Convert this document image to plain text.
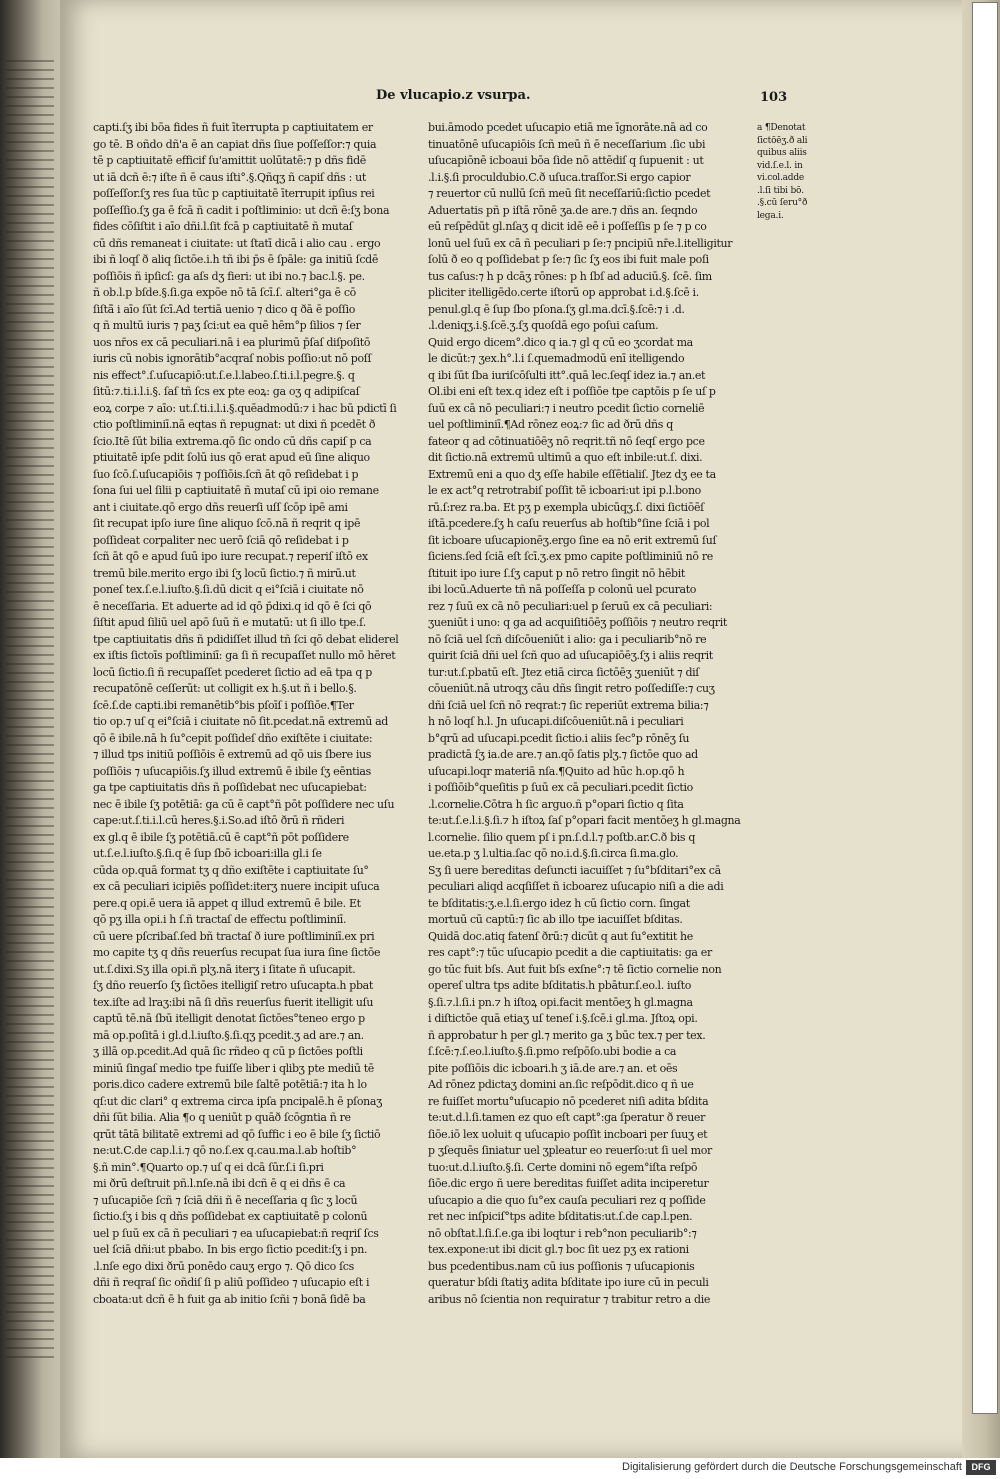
De vlucapio.z vsurpa.	103
capti.ſʒ ibi bōa fides ñ fuit īterrupta p captiuitatem er
go tē. B oñdo dñ'a ē an capiat dñs ſiue poſſeſſor:⁊ quia
tē p captiuitatē efficif ſu'amittit uolūtatē:⁊ p dñs fidē
ut iā dcñ ē:⁊ iſte ñ ē caus iſti°.§.Qñqʒ ñ capiſ dñs : ut
poſſeſſor.ſʒ res ſua tūc p captiuitatē īterrupit ipſius rei
poſſeſſio.ſʒ ga ē fcā ñ cadit i poſtliminio: ut dcñ ē:ſʒ bona
fides cōſiſtit i aīo dñi.l.ſit fcā p captiuitatē ñ mutaſ
cū dñs remaneat i ciuitate: ut ſtatī dicā i alio cau . ergo
ibi ñ loqſ ð aliq ſictōe.i.h tñ ibi p̄s ē ſpāle: ga initiū ſcdē
poſſiōis ñ ipſicſ: ga aſs dʒ fieri: ut ibi no.⁊ bac.l.§. pe.
ñ ob.l.p bſde.§.ſi.ga expōe nō tā ſcī.ſ. alteri°ga ē cō
ſiſtā̄ i aīo ſūt ſcī.Ad tertiā uenio ⁊ dico q ðā ē poſſio
q ñ multū iuris ⁊ paʒ ſci:ut ea quē hēm°p ſilios ⁊ ſer
uos nr̄os ex cā peculiari.nā i ea plurimū p̄ſaſ diſpoſitō
iuris cū nobis ignorātib°acqraſ nobis poſſio:ut nō poſſ
nis effect°.ſ.uſucapiō:ut.ſ.e.l.labeo.ſ.ti.i.l.pegre.§. q
ſitū:⁊.ti.i.l.i.§. ſaſ tñ ſcs ex pte eoꝝ: ga oʒ q adipiſcaſ
eoꝝ corpe ⁊ aīo: ut.ſ.ti.i.l.i.§.quēadmodū:⁊ i hac bū pdictī ſi
ctio poſtliminiī.nā eqtas ñ repugnat: ut dixi ñ pcedēt ð
ſcio.Itē ſūt bilia extrema.qō ſic ondo cū dñs capiſ p ca
ptiuitatē ipſe pdit ſolū ius qō erat apud eū ſine aliquo
ſuo ſcō.ſ.uſucapiōis ⁊ poſſiōis.ſcñ āt qō reſidebat i p
ſona ſui uel ſilii p captiuitatē ñ mutaſ cū ipi oio remane
ant i ciuitate.qō ergo dñs reuerſi uſſ ſcōp ipē ami
ſit recupat ipſo iure ſine aliquo ſcō.nā ñ reqrit q ipē
poſſideat corpaliter nec uerō ſciā qō reſidebat i p
ſcñ āt qō e apud ſuū ipo iure recupat.⁊ reperiſ iſtō ex
tremū bile.merito ergo ibi ſʒ locū ſictio.⁊ ñ mirū.ut
poneſ tex.ſ.e.l.iuſto.§.ſi.dū dicit q ei°ſciā i ciuitate nō
ē neceſſaria. Et aduerte ad id qō p̄dixi.q id qō ē ſci qō
ſiſtit apud ſiliū uel apō ſuū ñ e mutatū: ut ſi illo tpe.ſ.
tpe captiuitatis dñs ñ pdidiſſet illud tñ ſci qō debat eliderel
ex iſtis ſictoīs poſtliminiī: ga ſi ñ recupaſſet nullo mō hēret
locū ſictio.ſi ñ recupaſſet pcederet ſictio ad eā tpa q p
recupatōnē ceſſerūt: ut colligit ex h.§.ut ñ i bello.§.
ſcē.ſ.de capti.ibi remanētib°bis pſoīſ i poſſiōe.¶Ter
tio op.⁊ uſ q ei°ſciā i ciuitate nō ſit.pcedat.nā extremū ad
qō ē ibile.nā h ſu°cepit poſſideſ dño exiſtēte i ciuitate:
⁊ illud tps initiū poſſiōis ē extremū ad qō uis ſbere ius
poſſiōis ⁊ uſucapiōis.ſʒ illud extremū ē ibile ſʒ eēntias
ga tpe captiuitatis dñs ñ poſſidebat nec uſucapiebat:
nec ē ibile ſʒ potētiā: ga cū ē capt°ñ pōt poſſidere nec uſu
cape:ut.ſ.ti.i.l.cū heres.§.i.So.ad iſtō ðrū ñ rñderi
ex gl.q ē ibile ſʒ potētiā.cū ē capt°ñ pōt poſſidere
ut.ſ.e.l.iuſto.§.ſi.q ē ſup ſbō icboari:illa gl.i ſe
cūda op.quā format tʒ q dño exiſtēte i captiuitate ſu°
ex cā peculiari icipiēs poſſidet:iterʒ nuere incipit uſuca
pere.q opi.ē uera iā appet q illud extremū ē bile. Et
qō pʒ illa opi.i h ſ.ñ tractaſ de effectu poſtliminiī.
cū uere pſcribaſ.ſed bñ tractaſ ð iure poſtliminiī.ex pri
mo capite tʒ q dñs reuerſus recupat ſua iura ſine ſictōe
ut.ſ.dixi.Sʒ illa opi.ñ plʒ.nā iterʒ i ſitate ñ uſucapit.
ſʒ dño reuerſo ſʒ ſictōes itelligiſ retro uſucapta.h pbat
tex.iſte ad lraʒ:ibi nā ſi dñs reuerſus fuerit itelligit uſu
captū tē.nā ſbū itelligit denotat ſictōes°teneo ergo p
mā op.poſitā i gl.d.l.iuſto.§.ſi.qʒ pcedit.ʒ ad are.⁊ an.
ʒ illā op.pcedit.Ad quā ſic rñdeo q cū p ſictōes poſtli
miniū ſingaſ medio tpe fuiſſe liber i qlibʒ pte mediū tē
poris.dico cadere extremū bile ſaltē potētiā:⁊ ita h lo
qſ:ut dic clari° q extrema circa ipſa pncipalē.h ē pſonaʒ
dñi ſūt bilia. Alia ¶o q ueniūt p quāð ſcōgntia ñ re
qrūt tātā bilitatē extremi ad qō ſuffic i eo ē bile ſʒ ſictiō
ne:ut.C.de cap.l.i.⁊ qō no.ſ.ex q.cau.ma.l.ab hoſtib°
§.ñ min°.¶Quarto op.⁊ uſ q ei dcā ſūr.ſ.i ſi.pri
mi ðrū deſtruit pñ.l.nſe.nā ibi dcñ ē q ei dñs ē ca
⁊ uſucapiōe ſcñ ⁊ ſciā dñi ñ ē neceſſaria q ſic ʒ locū
ſictio.ſʒ i bis q dñs poſſidebat ex captiuitatē p colonū
uel p ſuū ex cā ñ peculiari ⁊ ea uſucapiebat:ñ reqriſ ſcs
uel ſciā dñi:ut pbabo. In bis ergo ſictio pcedit:ſʒ i pn.
.l.nſe ego dixi ðrū ponēdo cauʒ ergo ⁊. Qō dico ſcs
dñi ñ reqraſ ſic oñdiſ ſi p aliū poſſideo ⁊ uſucapio eſt i
cboata:ut dcñ ē h fuit ga ab initio ſcñi ⁊ bonā ſidē ba
bui.āmodo pcedet uſucapio etiā me īgnorāte.nā ad co
tinuatōnē uſucapiōis ſcñ meū ñ ē neceſſarium .ſic ubi
uſucapiōnē icboaui bōa ſide nō attēdiſ q ſupuenit : ut
.l.i.§.ſi proculdubio.C.ð uſuca.traſſor.Si ergo capior
⁊ reuertor cū nullū ſcñ meū ſit neceſſariū:ſictio pcedet
Aduertatis pñ p iſtā rōnē ʒa.de are.⁊ dñs an. ſeqndo
eū reſpēdūt gl.nſaʒ q dicit idē eē i poſſeſſis p ſe ⁊ p co
lonū uel ſuū ex cā ñ peculiari p ſe:⁊ pncipiū nr̄e.l.itelligitur
ſolū ð eo q poſſidebat p ſe:⁊ ſic ſʒ eos ibi fuit male poſi
tus caſus:⁊ h p dcāʒ rōnes: p h ſbſ ad aduciū.§. ſcē. ſim
pliciter itelligēdo.certe iſtorū op approbat i.d.§.ſcē i.
penul.gl.q ē ſup ſbo pſona.ſʒ gl.ma.dcī.§.ſcē:⁊ i .d.
.l.deniqʒ.i.§.ſcē.ʒ.ſʒ quoſdā ego poſui caſum.
Quid ergo dicem°.dico q ia.⁊ gl q cū eo ʒcordat ma
le dicūt:⁊ ʒex.h°.l.i ſ.quemadmodū enī itelligendo
q ibi ſūt ſba iuriſcōſulti itt°.quā lec.ſeqſ idez ia.⁊ an.et
Ol.ibi eni eſt tex.q idez eſt i poſſiōe tpe captōis p ſe uſ p
ſuū ex cā nō peculiari:⁊ i neutro pcedit ſictio corneliē
uel poſtliminiī.¶Ad rōnez eoꝝ:⁊ ſic ad ðrū dñs q
fateor q ad cōtinuatiōēʒ nō reqrit.tñ nō ſeqſ ergo pce
dit ſictio.nā extremū ultimū a quo eſt inbile:ut.ſ. dixi.
Extremū eni a quo dʒ eſſe habile eſſētialiſ. Jtez dʒ ee ta
le ex act°q retrotrabiſ poſſit tē icboari:ut ipi p.l.bono
rū.ſ:rez ra.ba. Et pʒ p exempla ubicūqʒ.ſ. dixi ſictiōēſ
iſtā.pcedere.ſʒ h caſu reuerſus ab hoſtib°ſine ſciā i pol
ſit icboare uſucapionēʒ.ergo ſine ea nō erit extremū ſuſ
ſiciens.ſed ſciā eſt ſcī.ʒ.ex pmo capite poſtliminiū nō re
ſtituit ipo iure ſ.ſʒ caput p nō retro ſingit nō hēbit
ibi locū.Aduerte tñ nā poſſeſſa p colonū uel pcurato
rez ⁊ ſuū ex cā nō peculiari:uel p ſeruū ex cā peculiari:
ʒueniūt i uno: q ga ad acquiſitiōēʒ poſſiōis ⁊ neutro reqrit
nō ſciā uel ſcñ diſcōueniūt i alio: ga i peculiarib°nō re
quirit ſciā dñi uel ſcñ quo ad uſucapiōēʒ.ſʒ i aliis reqrit
tur:ut.ſ.pbatū eſt. Jtez etiā circa ſictōēʒ ʒueniūt ⁊ diſ
cōueniūt.nā utroqʒ cāu dñs ſingit retro poſſediſſe:⁊ cuʒ
dñi ſciā uel ſcñ nō reqrat:⁊ ſic reperiūt extrema bilia:⁊
h nō loqſ h.l. Jn uſucapi.diſcōueniūt.nā i peculiari
b°qrū ad uſucapi.pcedit ſictio.i aliis ſec°p rōnēʒ ſu
pradictā ſʒ ia.de are.⁊ an.qō ſatis plʒ.⁊ ſictōe quo ad
uſucapi.loqr materiā nſa.¶Quito ad hūc h.op.qō h
i poſſiōib°queſitis p ſuū ex cā peculiari.pcedit ſictio
.l.cornelie.Cōtra h ſic arguo.ñ p°opari ſictio q ſita
te:ut.ſ.e.l.i.§.ſi.⁊ h iſtoꝝ ſaſ p°opari facit mentōeʒ h gl.magna
l.cornelie. ſilio quem pſ i pn.ſ.d.l.⁊ poſtb.ar.C.ð bis q
ue.eta.p ʒ l.ultia.ſac qō no.i.d.§.ſi.circa ſi.ma.glo.
Sʒ ſi uere bereditas deſuncti iacuiſſet ⁊ ſu°bſditari°ex cā
peculiari aliqd acqſiſſet ñ icboarez uſucapio niſi a die adi
te bſditatis:ʒ.e.l.ſi.ergo idez h cū ſictio corn. ſingat
mortuū cū captū:⁊ ſic ab illo tpe iacuiſſet bſditas.
Quidā doc.atiq fatenſ ðrū:⁊ dicūt q aut ſu°extitit he
res capt°:⁊ tūc uſucapio pcedit a die captiuitatis: ga er
go tūc fuit bſs. Aut fuit bſs exſne°:⁊ tē ſictio cornelie non
opereſ ultra tps adite bſditatis.h pbātur.ſ.eo.l. iuſto
§.ſi.⁊.l.ſi.i pn.⁊ h iſtoꝝ opi.facit mentōeʒ h gl.magna
i diſtictōe quā etiaʒ uſ teneſ i.§.ſcē.i gl.ma. Jſtoꝝ opi.
ñ approbatur h per gl.⁊ merito ga ʒ būc tex.⁊ per tex.
ſ.ſcē:⁊.ſ.eo.l.iuſto.§.ſi.pmo reſpōſo.ubi bodie a ca
pite poſſiōis dic icboari.h ʒ iā.de are.⁊ an. et oēs
Ad rōnez pdictaʒ domini an.ſic reſpōdit.dico q ñ ue
re fuiſſet mortu°uſucapio nō pcederet niſi adita bſdita
te:ut.d.l.ſi.tamen ez quo eſt capt°:ga ſperatur ð reuer
ſiōe.iō lex uoluit q uſucapio poſſit incboari per ſuuʒ et
p ʒſequēs ſiniatur uel ʒpleatur eo reuerſo:ut ſi uel mor
tuo:ut.d.l.iuſto.§.ſi. Certe domini nō egem°iſta reſpō
ſiōe.dic ergo ñ uere bereditas fuiſſet adita inciperetur
uſucapio a die quo ſu°ex cauſa peculiari rez q poſſide
ret nec inſpiciſ°tps adite bſditatis:ut.ſ.de cap.l.pen.
nō obſtat.l.ſi.ſ.e.ga ibi loqtur i reb°non peculiarib°:⁊
tex.expone:ut ibi dicit gl.⁊ boc ſit uez pʒ ex rationi
bus pcedentibus.nam cū ius poſſionis ⁊ uſucapionis
queratur bſdi ſtatiʒ adita bſditate ipo iure cū in peculi
aribus nō ſcientia non requiratur ⁊ trabitur retro a die
a ¶Denotat
ſictōēʒ.ð ali
quibus aliis
vid.ſ.e.l. in
vi.col.adde
.l.ſi tibi bō.
.§.cū ſeru°ð
lega.i.
Digitalisierung gefördert durch die Deutsche Forschungsgemeinschaft	DFG
